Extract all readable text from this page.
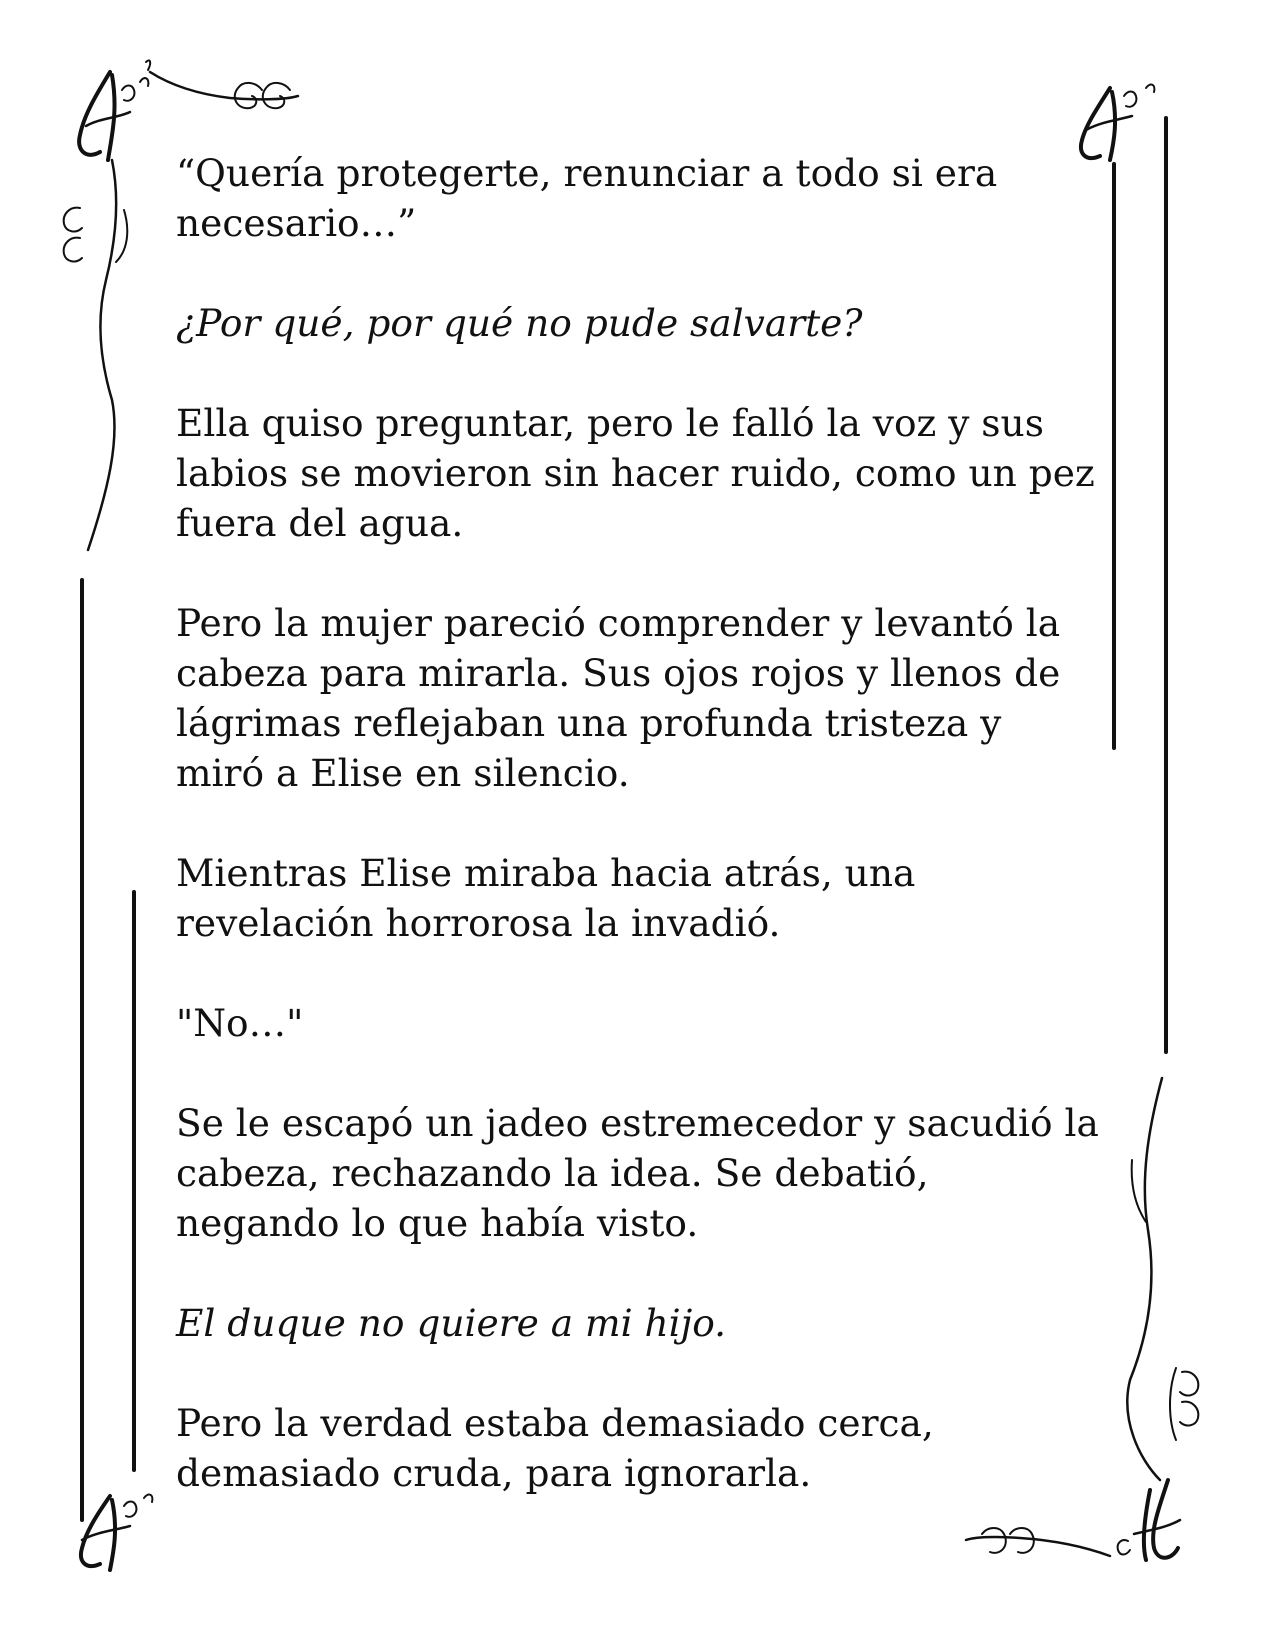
“Quería protegerte, renunciar a todo si era
necesario…”

¿Por qué, por qué no pude salvarte?

Ella quiso preguntar, pero le falló la voz y sus
labios se movieron sin hacer ruido, como un pez
fuera del agua.

Pero la mujer pareció comprender y levantó la
cabeza para mirarla. Sus ojos rojos y llenos de
lágrimas reflejaban una profunda tristeza y
miró a Elise en silencio.

Mientras Elise miraba hacia atrás, una
revelación horrorosa la invadió.

"No…"

Se le escapó un jadeo estremecedor y sacudió la
cabeza, rechazando la idea. Se debatió,
negando lo que había visto.

El duque no quiere a mi hijo.

Pero la verdad estaba demasiado cerca,
demasiado cruda, para ignorarla.
